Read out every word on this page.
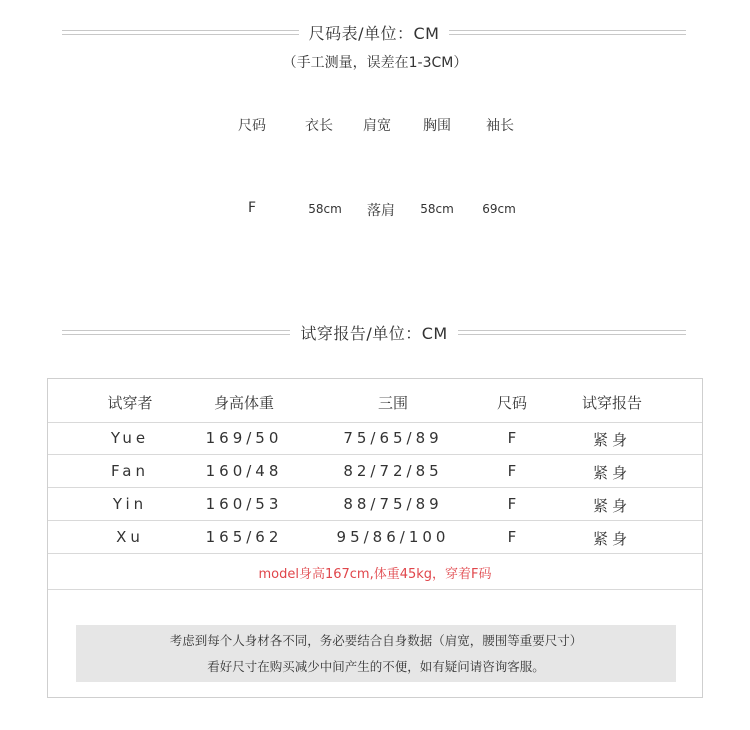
尺码表/单位：CM
（手工测量，误差在1-3CM）
尺码	衣长	肩宽	胸围	袖长
F	58cm	落肩	58cm	69cm
试穿报告/单位：CM
试穿者	身高体重	三围	尺码	试穿报告
Yue	169/50	75/65/89	F	紧身
Fan	160/48	82/72/85	F	紧身
Yin	160/53	88/75/89	F	紧身
Xu	165/62	95/86/100	F	紧身
model身高167cm,体重45kg，穿着F码
考虑到每个人身材各不同，务必要结合自身数据（肩宽，腰围等重要尺寸）
看好尺寸在购买减少中间产生的不便，如有疑问请咨询客服。
